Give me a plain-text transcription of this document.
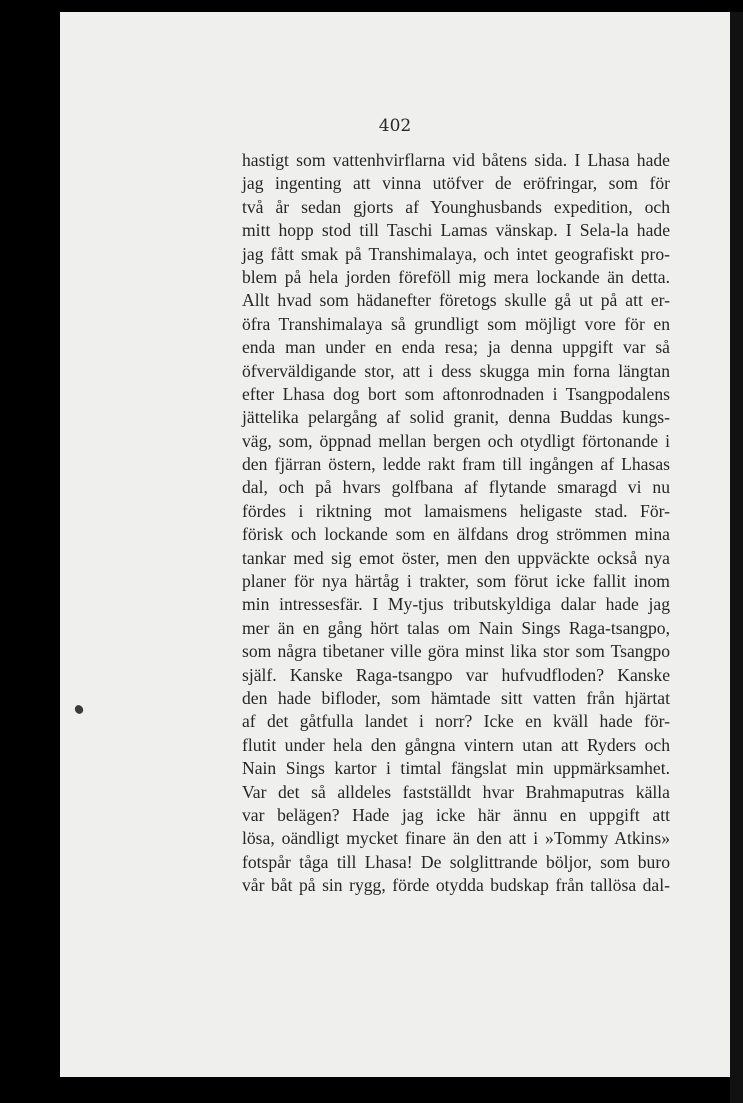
402
hastigt som vattenhvirflarna vid båtens sida. I Lhasa hade
jag ingenting att vinna utöfver de eröfringar, som för
två år sedan gjorts af Younghusbands expedition, och
mitt hopp stod till Taschi Lamas vänskap. I Sela-la hade
jag fått smak på Transhimalaya, och intet geografiskt pro-
blem på hela jorden föreföll mig mera lockande än detta.
Allt hvad som hädanefter företogs skulle gå ut på att er-
öfra Transhimalaya så grundligt som möjligt vore för en
enda man under en enda resa; ja denna uppgift var så
öfverväldigande stor, att i dess skugga min forna längtan
efter Lhasa dog bort som aftonrodnaden i Tsangpodalens
jättelika pelargång af solid granit, denna Buddas kungs-
väg, som, öppnad mellan bergen och otydligt förtonande i
den fjärran östern, ledde rakt fram till ingången af Lhasas
dal, och på hvars golfbana af flytande smaragd vi nu
fördes i riktning mot lamaismens heligaste stad. För-
förisk och lockande som en älfdans drog strömmen mina
tankar med sig emot öster, men den uppväckte också nya
planer för nya härtåg i trakter, som förut icke fallit inom
min intressesfär. I My-tjus tributskyldiga dalar hade jag
mer än en gång hört talas om Nain Sings Raga-tsangpo,
som några tibetaner ville göra minst lika stor som Tsangpo
själf. Kanske Raga-tsangpo var hufvudfloden? Kanske
den hade bifloder, som hämtade sitt vatten från hjärtat
af det gåtfulla landet i norr? Icke en kväll hade för-
flutit under hela den gångna vintern utan att Ryders och
Nain Sings kartor i timtal fängslat min uppmärksamhet.
Var det så alldeles fastställdt hvar Brahmaputras källa
var belägen? Hade jag icke här ännu en uppgift att
lösa, oändligt mycket finare än den att i »Tommy Atkins»
fotspår tåga till Lhasa! De solglittrande böljor, som buro
vår båt på sin rygg, förde otydda budskap från tallösa dal-
